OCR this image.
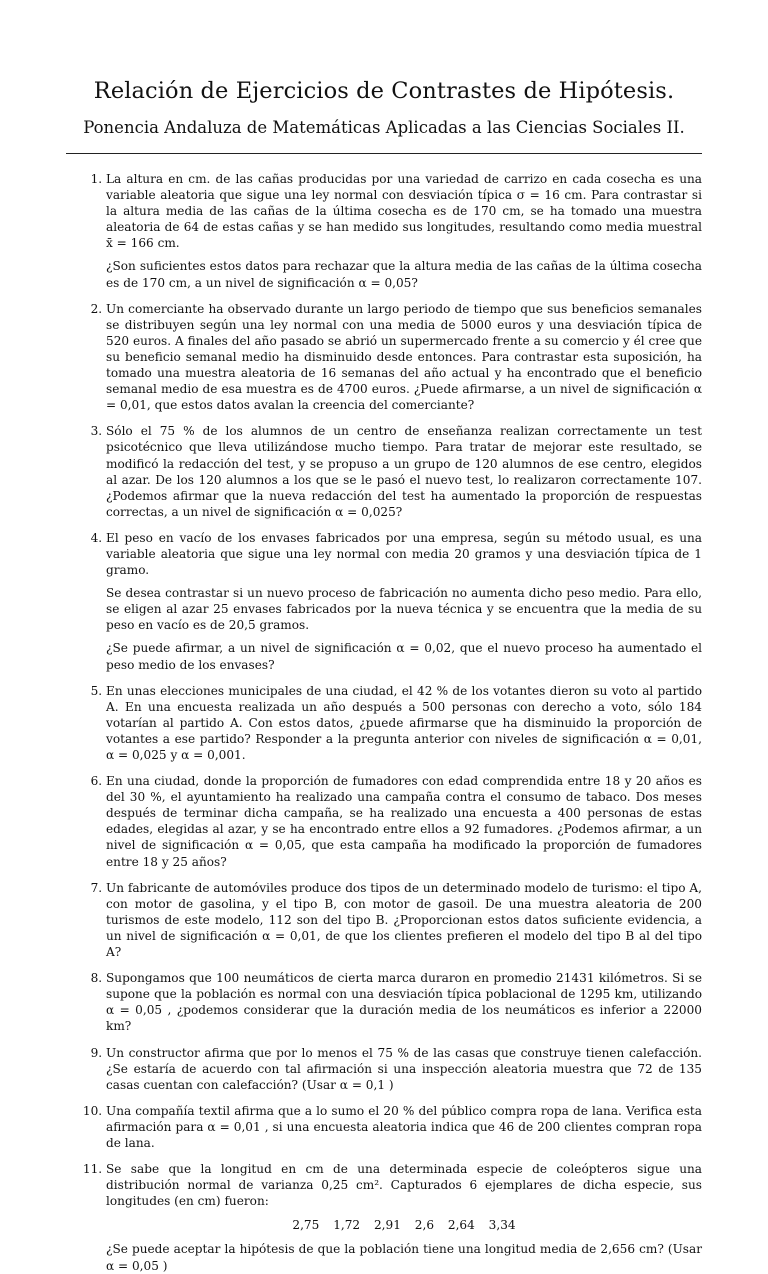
Relación de Ejercicios de Contrastes de Hipótesis.
Ponencia Andaluza de Matemáticas Aplicadas a las Ciencias Sociales II.

1. La altura en cm. de las cañas producidas por una variedad de carrizo en cada cosecha es una variable aleatoria que sigue una ley normal con desviación típica σ = 16 cm. Para contrastar si la altura media de las cañas de la última cosecha es de 170 cm, se ha tomado una muestra aleatoria de 64 de estas cañas y se han medido sus longitudes, resultando como media muestral x̄ = 166 cm.

¿Son suficientes estos datos para rechazar que la altura media de las cañas de la última cosecha es de 170 cm, a un nivel de significación α = 0,05?

2. Un comerciante ha observado durante un largo periodo de tiempo que sus beneficios semanales se distribuyen según una ley normal con una media de 5000 euros y una desviación típica de 520 euros. A finales del año pasado se abrió un supermercado frente a su comercio y él cree que su beneficio semanal medio ha disminuido desde entonces. Para contrastar esta suposición, ha tomado una muestra aleatoria de 16 semanas del año actual y ha encontrado que el beneficio semanal medio de esa muestra es de 4700 euros. ¿Puede afirmarse, a un nivel de significación α = 0,01, que estos datos avalan la creencia del comerciante?

3. Sólo el 75 % de los alumnos de un centro de enseñanza realizan correctamente un test psicotécnico que lleva utilizándose mucho tiempo. Para tratar de mejorar este resultado, se modificó la redacción del test, y se propuso a un grupo de 120 alumnos de ese centro, elegidos al azar. De los 120 alumnos a los que se le pasó el nuevo test, lo realizaron correctamente 107. ¿Podemos afirmar que la nueva redacción del test ha aumentado la proporción de respuestas correctas, a un nivel de significación α = 0,025?

4. El peso en vacío de los envases fabricados por una empresa, según su método usual, es una variable aleatoria que sigue una ley normal con media 20 gramos y una desviación típica de 1 gramo.

Se desea contrastar si un nuevo proceso de fabricación no aumenta dicho peso medio. Para ello, se eligen al azar 25 envases fabricados por la nueva técnica y se encuentra que la media de su peso en vacío es de 20,5 gramos.

¿Se puede afirmar, a un nivel de significación α = 0,02, que el nuevo proceso ha aumentado el peso medio de los envases?

5. En unas elecciones municipales de una ciudad, el 42 % de los votantes dieron su voto al partido A. En una encuesta realizada un año después a 500 personas con derecho a voto, sólo 184 votarían al partido A. Con estos datos, ¿puede afirmarse que ha disminuido la proporción de votantes a ese partido? Responder a la pregunta anterior con niveles de significación α = 0,01, α = 0,025 y α = 0,001.

6. En una ciudad, donde la proporción de fumadores con edad comprendida entre 18 y 20 años es del 30 %, el ayuntamiento ha realizado una campaña contra el consumo de tabaco. Dos meses después de terminar dicha campaña, se ha realizado una encuesta a 400 personas de estas edades, elegidas al azar, y se ha encontrado entre ellos a 92 fumadores. ¿Podemos afirmar, a un nivel de significación α = 0,05, que esta campaña ha modificado la proporción de fumadores entre 18 y 25 años?

7. Un fabricante de automóviles produce dos tipos de un determinado modelo de turismo: el tipo A, con motor de gasolina, y el tipo B, con motor de gasoil. De una muestra aleatoria de 200 turismos de este modelo, 112 son del tipo B. ¿Proporcionan estos datos suficiente evidencia, a un nivel de significación α = 0,01, de que los clientes prefieren el modelo del tipo B al del tipo A?

8. Supongamos que 100 neumáticos de cierta marca duraron en promedio 21431 kilómetros. Si se supone que la población es normal con una desviación típica poblacional de 1295 km, utilizando α = 0,05 , ¿podemos considerar que la duración media de los neumáticos es inferior a 22000 km?

9. Un constructor afirma que por lo menos el 75 % de las casas que construye tienen calefacción. ¿Se estaría de acuerdo con tal afirmación si una inspección aleatoria muestra que 72 de 135 casas cuentan con calefacción? (Usar α = 0,1 )

10. Una compañía textil afirma que a lo sumo el 20 % del público compra ropa de lana. Verifica esta afirmación para α = 0,01 , si una encuesta aleatoria indica que 46 de 200 clientes compran ropa de lana.

11. Se sabe que la longitud en cm de una determinada especie de coleópteros sigue una distribución normal de varianza 0,25 cm². Capturados 6 ejemplares de dicha especie, sus longitudes (en cm) fueron:

2,75 1,72 2,91 2,6 2,64 3,34

¿Se puede aceptar la hipótesis de que la población tiene una longitud media de 2,656 cm? (Usar α = 0,05 )
